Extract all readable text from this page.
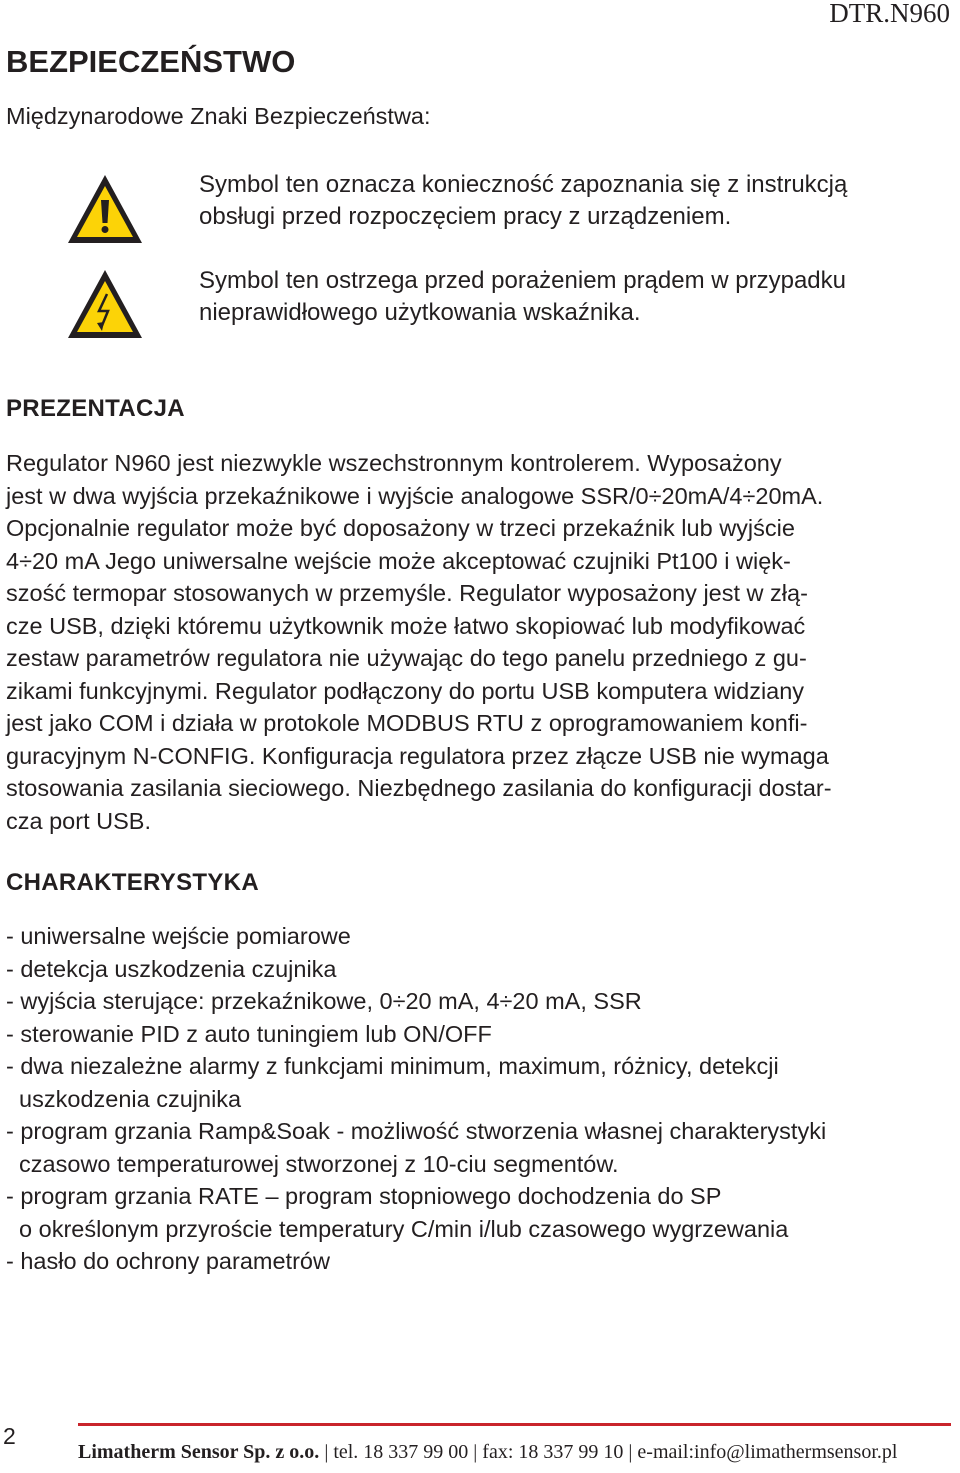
DTR.N960
BEZPIECZEŃSTWO
Międzynarodowe Znaki Bezpieczeństwa:
Symbol ten oznacza konieczność zapoznania się z instrukcją
obsługi przed rozpoczęciem pracy z urządzeniem.
Symbol ten ostrzega przed porażeniem prądem w przypadku
nieprawidłowego użytkowania wskaźnika.
PREZENTACJA
Regulator N960 jest niezwykle wszechstronnym kontrolerem. Wyposażony
jest w dwa wyjścia przekaźnikowe i wyjście analogowe SSR/0÷20mA/4÷20mA.
Opcjonalnie regulator może być doposażony w trzeci przekaźnik lub wyjście
4÷20 mA Jego uniwersalne wejście może akceptować czujniki Pt100 i więk-
szość termopar stosowanych w przemyśle. Regulator wyposażony jest w złą-
cze USB, dzięki któremu użytkownik może łatwo skopiować lub modyfikować
zestaw parametrów regulatora nie używając do tego panelu przedniego z gu-
zikami funkcyjnymi. Regulator podłączony do portu USB komputera widziany
jest jako COM i działa w protokole MODBUS RTU z oprogramowaniem konfi-
guracyjnym N-CONFIG. Konfiguracja regulatora przez złącze USB nie wymaga
stosowania zasilania sieciowego. Niezbędnego zasilania do konfiguracji dostar-
cza port USB.
CHARAKTERYSTYKA
- uniwersalne wejście pomiarowe
- detekcja uszkodzenia czujnika
- wyjścia sterujące: przekaźnikowe, 0÷20 mA, 4÷20 mA, SSR
- sterowanie PID z auto tuningiem lub ON/OFF
- dwa niezależne alarmy z funkcjami minimum, maximum, różnicy, detekcji
uszkodzenia czujnika
- program grzania Ramp&Soak - możliwość stworzenia własnej charakterystyki
czasowo temperaturowej stworzonej z 10-ciu segmentów.
- program grzania RATE – program stopniowego dochodzenia do SP
o określonym przyroście temperatury C/min i/lub czasowego wygrzewania
- hasło do ochrony parametrów
2
Limatherm Sensor Sp. z o.o. | tel. 18 337 99 00 | fax: 18 337 99 10 | e-mail:info@limathermsensor.pl
